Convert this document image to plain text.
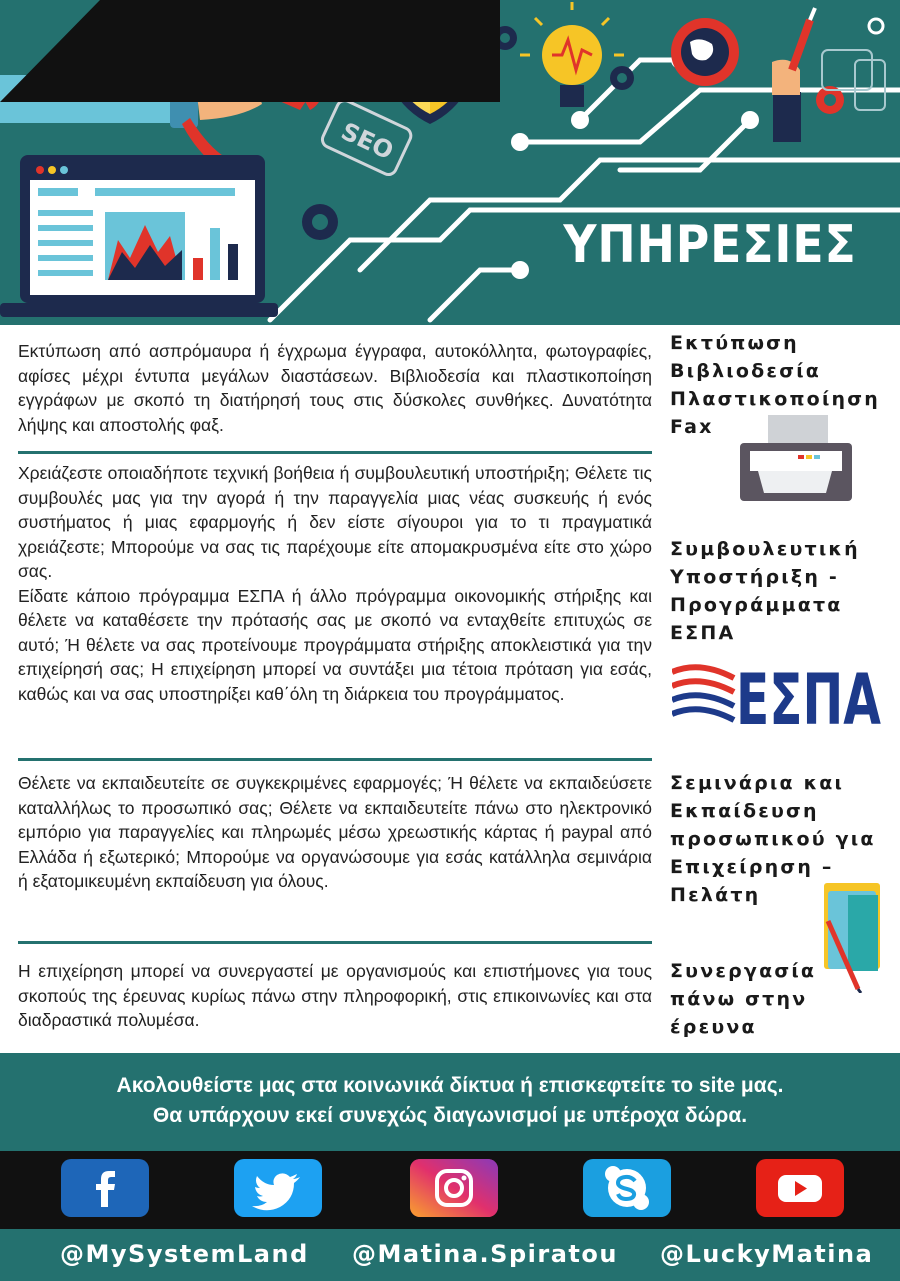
SEO
ΥΠΗΡΕΣΙΕΣ

Εκτύπωση από ασπρόμαυρα ή έγχρωμα έγγραφα, αυτοκόλλητα, φωτογραφίες, αφίσες μέχρι έντυπα μεγάλων διαστάσεων. Βιβλιοδεσία και πλαστικοποίηση εγγράφων με σκοπό τη διατήρησή τους στις δύσκολες συνθήκες. Δυνατότητα λήψης και αποστολής φαξ.

Εκτύπωση
Βιβλιοδεσία
Πλαστικοποίηση
Fax

Χρειάζεστε οποιαδήποτε τεχνική βοήθεια ή συμβουλευτική υποστήριξη; Θέλετε τις συμβουλές μας για την αγορά ή την παραγγελία μιας νέας συσκευής ή ενός συστήματος ή μιας εφαρμογής ή δεν είστε σίγουροι για το τι πραγματικά χρειάζεστε; Μπορούμε να σας τις παρέχουμε είτε απομακρυσμένα είτε στο χώρο σας.

Είδατε κάποιο πρόγραμμα ΕΣΠΑ ή άλλο πρόγραμμα οικονομικής στήριξης και θέλετε να καταθέσετε την πρότασής σας με σκοπό να ενταχθείτε επιτυχώς σε αυτό; Ή θέλετε να σας προτείνουμε προγράμματα στήριξης αποκλειστικά για την επιχείρησή σας; Η επιχείρηση μπορεί να συντάξει μια τέτοια πρόταση για εσάς, καθώς και να σας υποστηρίξει καθ΄όλη τη διάρκεια του προγράμματος.

Συμβουλευτική
Υποστήριξη -
Προγράμματα
ΕΣΠΑ
ΕΣΠΑ

Θέλετε να εκπαιδευτείτε σε συγκεκριμένες εφαρμογές; Ή θέλετε να εκπαιδεύσετε καταλλήλως το προσωπικό σας; Θέλετε να εκπαιδευτείτε πάνω στο ηλεκτρονικό εμπόριο για παραγγελίες και πληρωμές μέσω χρεωστικής κάρτας ή paypal από Ελλάδα ή εξωτερικό; Μπορούμε να οργανώσουμε για εσάς κατάλληλα σεμινάρια ή εξατομικευμένη εκπαίδευση για όλους.

Σεμινάρια και
Εκπαίδευση
προσωπικού για
Επιχείρηση –
Πελάτη

Η επιχείρηση μπορεί να συνεργαστεί με οργανισμούς και επιστήμονες για τους σκοπούς της έρευνας κυρίως πάνω στην πληροφορική, στις επικοινωνίες και στα διαδραστικά πολυμέσα.

Συνεργασία
πάνω στην
έρευνα
Ακολουθείστε μας στα κοινωνικά δίκτυα ή επισκεφτείτε το site μας.
Θα υπάρχουν εκεί συνεχώς διαγωνισμοί με υπέροχα δώρα.
@MySystemLand @Matina.Spiratou @LuckyMatina
